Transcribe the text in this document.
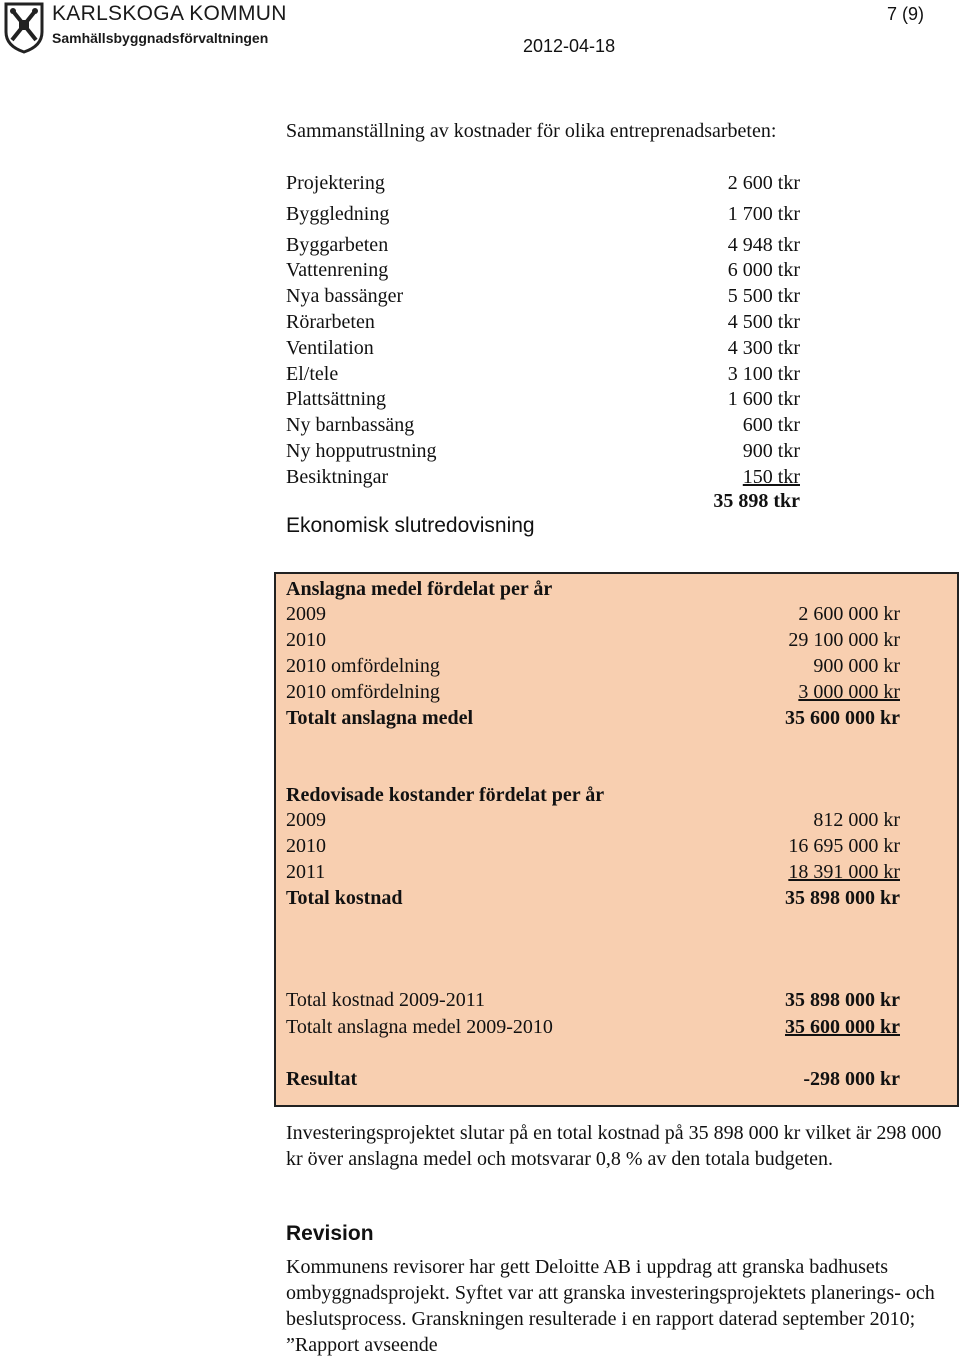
KARLSKOGA KOMMUN
Samhällsbyggnadsförvaltningen
7 (9)
2012-04-18
Sammanställning av kostnader för olika entreprenadsarbeten:
Projektering	2 600 tkr
Byggledning	1 700 tkr
Byggarbeten	4 948 tkr
Vattenrening	6 000 tkr
Nya bassänger	5 500 tkr
Rörarbeten	4 500 tkr
Ventilation	4 300 tkr
El/tele	3 100 tkr
Plattsättning	1 600 tkr
Ny barnbassäng	600 tkr
Ny hopputrustning	900 tkr
Besiktningar	150 tkr
35 898 tkr
Ekonomisk slutredovisning
Anslagna medel fördelat per år
2009	2 600 000 kr
2010	29 100 000 kr
2010 omfördelning	900 000 kr
2010 omfördelning	3 000 000 kr
Totalt anslagna medel	35 600 000 kr
Redovisade kostander fördelat per år
2009	812 000 kr
2010	16 695 000 kr
2011	18 391 000 kr
Total kostnad	35 898 000 kr
Total kostnad 2009-2011	35 898 000 kr
Totalt anslagna medel 2009-2010	35 600 000 kr
Resultat	-298 000 kr
Investeringsprojektet slutar på en total kostnad på 35 898 000 kr vilket är 298 000 kr över anslagna medel och motsvarar 0,8 % av den totala budgeten.
Revision
Kommunens revisorer har gett Deloitte AB i uppdrag att granska badhusets ombyggnadsprojekt. Syftet var att granska investeringsprojektets planerings- och beslutsprocess. Granskningen resulterade i en rapport daterad september 2010; ”Rapport avseende
